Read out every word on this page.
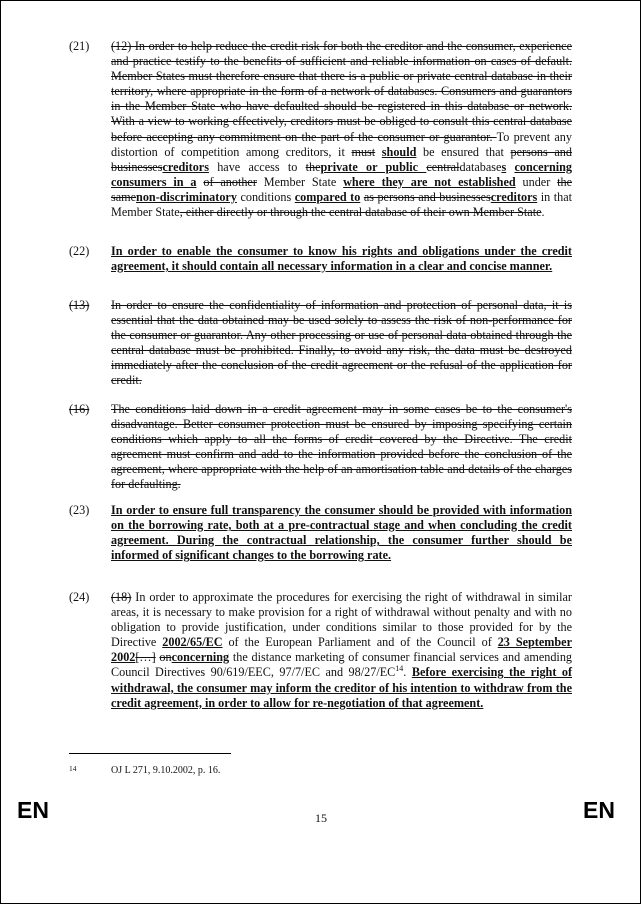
(21)	(12) In order to help reduce the credit risk for both the creditor and the consumer, experience and practice testify to the benefits of sufficient and reliable information on cases of default. Member States must therefore ensure that there is a public or private central database in their territory, where appropriate in the form of a network of databases. Consumers and guarantors in the Member State who have defaulted should be registered in this database or network. With a view to working effectively, creditors must be obliged to consult this central database before accepting any commitment on the part of the consumer or guarantor. To prevent any distortion of competition among creditors, it must should be ensured that persons and businessescreditors have access to theprivate or public centraldatabases concerning consumers in a of another Member State where they are not established under the samenon-discriminatory conditions compared to as persons and businessescreditors in that Member State, either directly or through the central database of their own Member State.
(22)	In order to enable the consumer to know his rights and obligations under the credit agreement, it should contain all necessary information in a clear and concise manner.
(13)	In order to ensure the confidentiality of information and protection of personal data, it is essential that the data obtained may be used solely to assess the risk of non-performance for the consumer or guarantor. Any other processing or use of personal data obtained through the central database must be prohibited. Finally, to avoid any risk, the data must be destroyed immediately after the conclusion of the credit agreement or the refusal of the application for credit.
(16)	The conditions laid down in a credit agreement may in some cases be to the consumer's disadvantage. Better consumer protection must be ensured by imposing specifying certain conditions which apply to all the forms of credit covered by the Directive. The credit agreement must confirm and add to the information provided before the conclusion of the agreement, where appropriate with the help of an amortisation table and details of the charges for defaulting.
(23)	In order to ensure full transparency the consumer should be provided with information on the borrowing rate, both at a pre-contractual stage and when concluding the credit agreement. During the contractual relationship, the consumer further should be informed of significant changes to the borrowing rate.
(24)	(18) In order to approximate the procedures for exercising the right of withdrawal in similar areas, it is necessary to make provision for a right of withdrawal without penalty and with no obligation to provide justification, under conditions similar to those provided for by the Directive 2002/65/EC of the European Parliament and of the Council of 23 September 2002[…] onconcerning the distance marketing of consumer financial services and amending Council Directives 90/619/EEC, 97/7/EC and 98/27/EC$^{14}$. Before exercising the right of withdrawal, the consumer may inform the creditor of his intention to withdraw from the credit agreement, in order to allow for re-negotiation of that agreement.
14	OJ L 271, 9.10.2002, p. 16.
EN	15	EN
